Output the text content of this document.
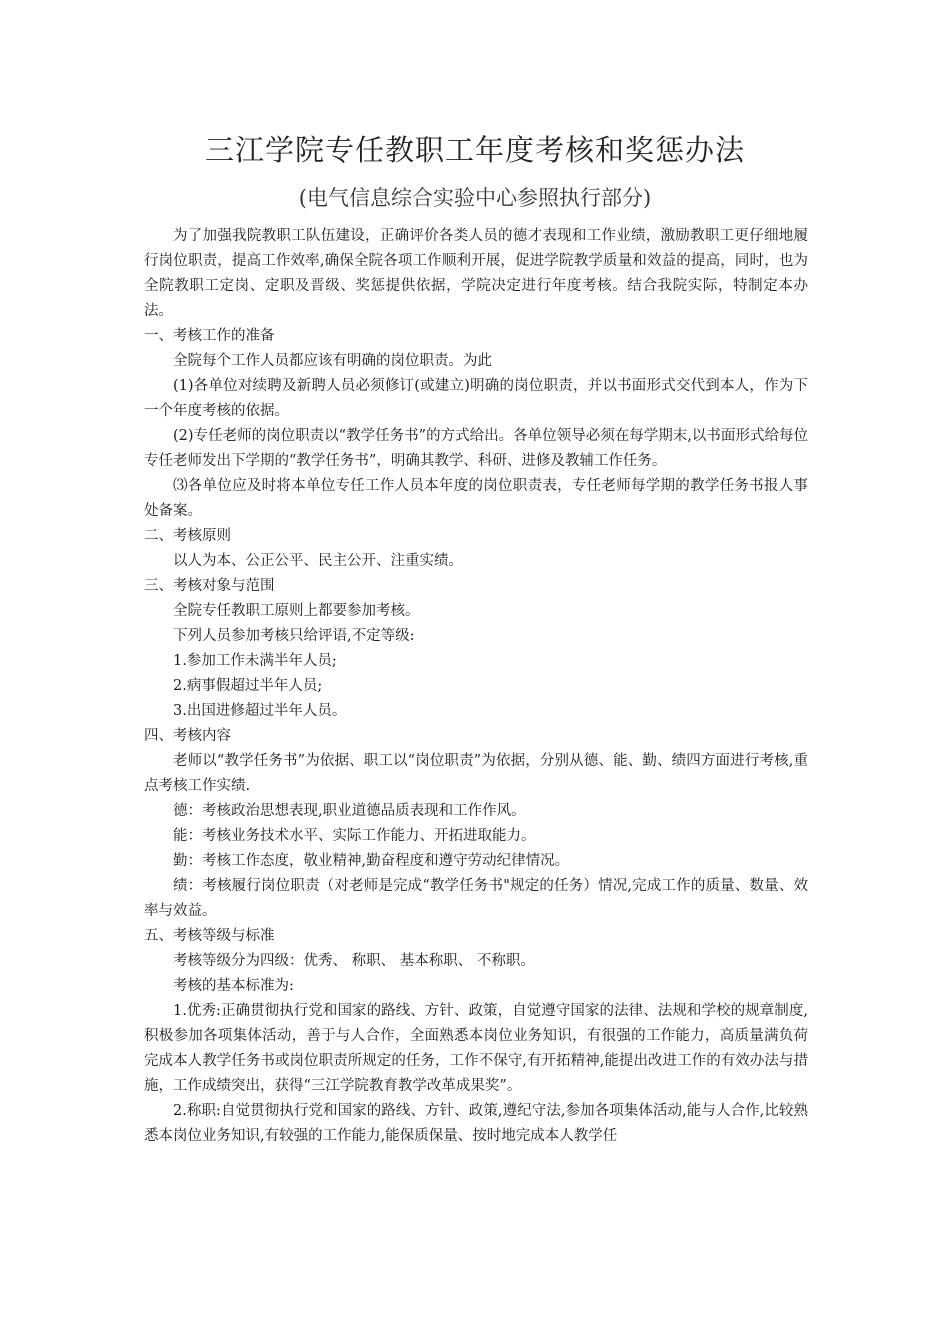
三江学院专任教职工年度考核和奖惩办法
(电气信息综合实验中心参照执行部分)

为了加强我院教职工队伍建设，正确评价各类人员的德才表现和工作业绩，激励教职工更仔细地履行岗位职责，提高工作效率,确保全院各项工作顺利开展，促进学院教学质量和效益的提高，同时，也为全院教职工定岗、定职及晋级、奖惩提供依据，学院决定进行年度考核。结合我院实际，特制定本办法。

一、考核工作的准备

全院每个工作人员都应该有明确的岗位职责。为此

(1)各单位对续聘及新聘人员必须修订(或建立)明确的岗位职责，并以书面形式交代到本人，作为下一个年度考核的依据。

(2)专任老师的岗位职责以“教学任务书”的方式给出。各单位领导必须在每学期末,以书面形式给每位专任老师发出下学期的“教学任务书”，明确其教学、科研、进修及教辅工作任务。

⑶各单位应及时将本单位专任工作人员本年度的岗位职责表，专任老师每学期的教学任务书报人事处备案。

二、考核原则

以人为本、公正公平、民主公开、注重实绩。

三、考核对象与范围

全院专任教职工原则上都要参加考核。

下列人员参加考核只给评语,不定等级:

1.参加工作未满半年人员;

2.病事假超过半年人员;

3.出国进修超过半年人员。

四、考核内容

老师以“教学任务书”为依据、职工以“岗位职责”为依据，分别从德、能、勤、绩四方面进行考核,重点考核工作实绩.

德：考核政治思想表现,职业道德品质表现和工作作风。

能：考核业务技术水平、实际工作能力、开拓进取能力。

勤：考核工作态度，敬业精神,勤奋程度和遵守劳动纪律情况。

绩：考核履行岗位职责（对老师是完成“教学任务书"规定的任务）情况,完成工作的质量、数量、效率与效益。

五、考核等级与标准

考核等级分为四级：优秀、 称职、 基本称职、 不称职。

考核的基本标准为:

1.优秀:正确贯彻执行党和国家的路线、方针、政策，自觉遵守国家的法律、法规和学校的规章制度,积极参加各项集体活动，善于与人合作，全面熟悉本岗位业务知识，有很强的工作能力，高质量满负荷完成本人教学任务书或岗位职责所规定的任务，工作不保守,有开拓精神,能提出改进工作的有效办法与措施，工作成绩突出，获得“三江学院教育教学改革成果奖”。

2.称职:自觉贯彻执行党和国家的路线、方针、政策,遵纪守法,参加各项集体活动,能与人合作,比较熟悉本岗位业务知识,有较强的工作能力,能保质保量、按时地完成本人教学任
